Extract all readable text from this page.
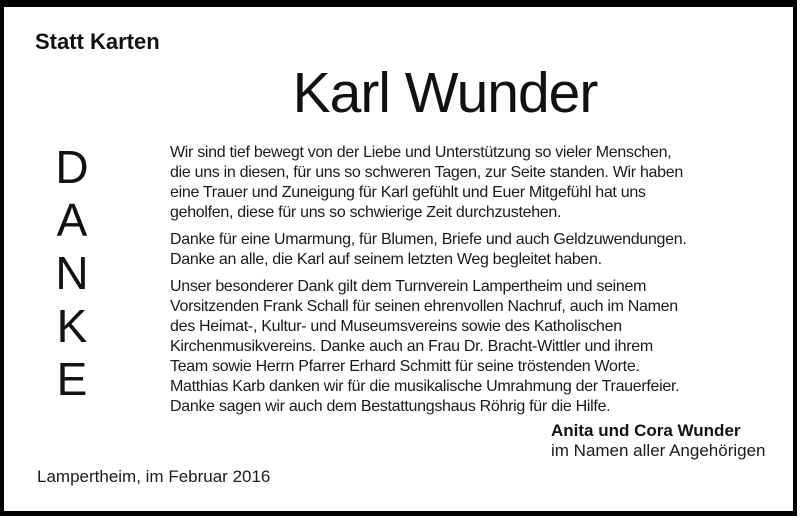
Statt Karten
Karl Wunder
D
A
N
K
E
Wir sind tief bewegt von der Liebe und Unterstützung so vieler Menschen,
die uns in diesen, für uns so schweren Tagen, zur Seite standen. Wir haben
eine Trauer und Zuneigung für Karl gefühlt und Euer Mitgefühl hat uns
geholfen, diese für uns so schwierige Zeit durchzustehen.
Danke für eine Umarmung, für Blumen, Briefe und auch Geldzuwendungen.
Danke an alle, die Karl auf seinem letzten Weg begleitet haben.
Unser besonderer Dank gilt dem Turnverein Lampertheim und seinem
Vorsitzenden Frank Schall für seinen ehrenvollen Nachruf, auch im Namen
des Heimat-, Kultur- und Museumsvereins sowie des Katholischen
Kirchenmusikvereins. Danke auch an Frau Dr. Bracht-Wittler und ihrem
Team sowie Herrn Pfarrer Erhard Schmitt für seine tröstenden Worte.
Matthias Karb danken wir für die musikalische Umrahmung der Trauerfeier.
Danke sagen wir auch dem Bestattungshaus Röhrig für die Hilfe.
Anita und Cora Wunder
im Namen aller Angehörigen
Lampertheim, im Februar 2016
